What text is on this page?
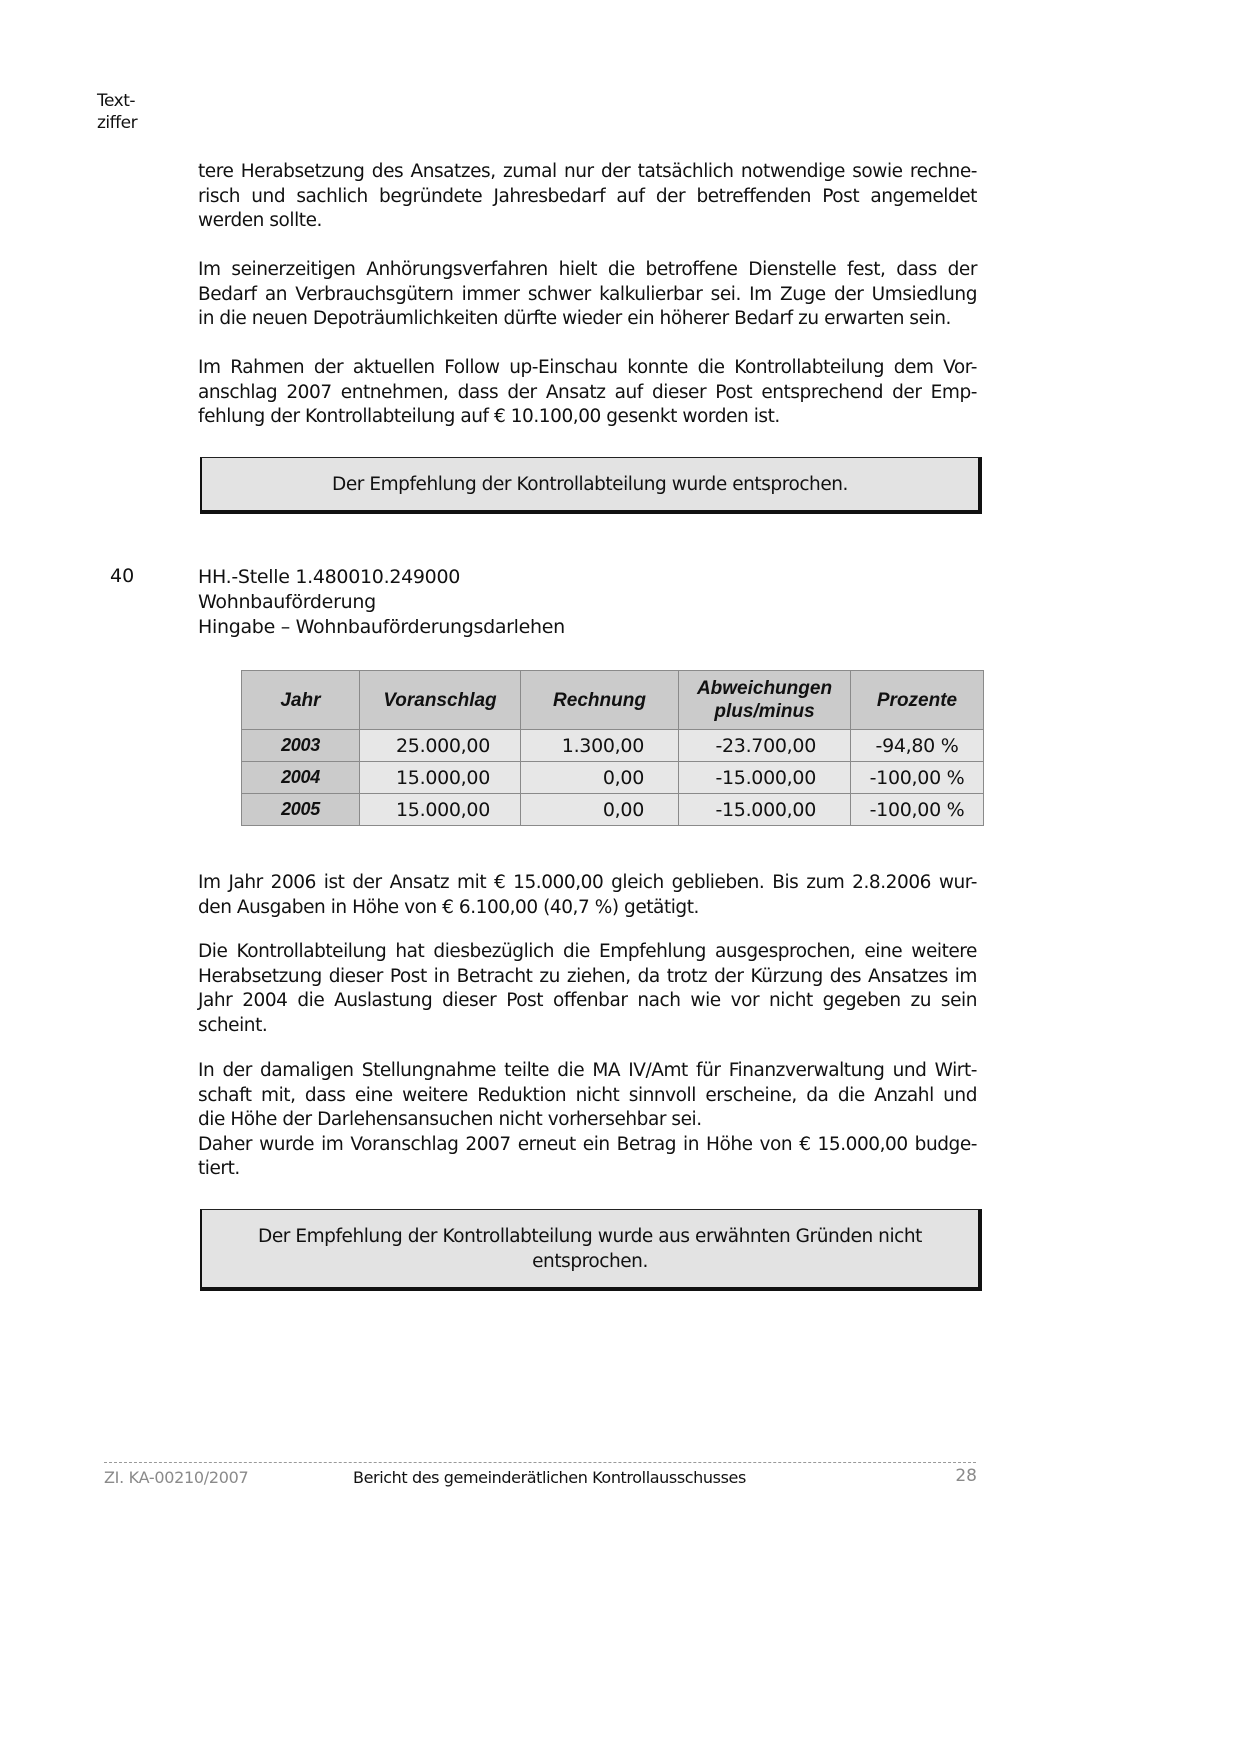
Text-
ziffer
tere Herabsetzung des Ansatzes, zumal nur der tatsächlich notwendige sowie rechne-
risch und sachlich begründete Jahresbedarf auf der betreffenden Post angemeldet
werden sollte.
Im seinerzeitigen Anhörungsverfahren hielt die betroffene Dienstelle fest, dass der
Bedarf an Verbrauchsgütern immer schwer kalkulierbar sei. Im Zuge der Umsiedlung
in die neuen Depoträumlichkeiten dürfte wieder ein höherer Bedarf zu erwarten sein.
Im Rahmen der aktuellen Follow up-Einschau konnte die Kontrollabteilung dem Vor-
anschlag 2007 entnehmen, dass der Ansatz auf dieser Post entsprechend der Emp-
fehlung der Kontrollabteilung auf € 10.100,00 gesenkt worden ist.
Der Empfehlung der Kontrollabteilung wurde entsprochen.
40	HH.-Stelle 1.480010.249000
Wohnbauförderung
Hingabe – Wohnbauförderungsdarlehen
Jahr	Voranschlag	Rechnung	Abweichungen
plus/minus	Prozente
2003	25.000,00	1.300,00	-23.700,00	-94,80 %
2004	15.000,00	0,00	-15.000,00	-100,00 %
2005	15.000,00	0,00	-15.000,00	-100,00 %
Im Jahr 2006 ist der Ansatz mit € 15.000,00 gleich geblieben. Bis zum 2.8.2006 wur-
den Ausgaben in Höhe von € 6.100,00 (40,7 %) getätigt.
Die Kontrollabteilung hat diesbezüglich die Empfehlung ausgesprochen, eine weitere
Herabsetzung dieser Post in Betracht zu ziehen, da trotz der Kürzung des Ansatzes im
Jahr 2004 die Auslastung dieser Post offenbar nach wie vor nicht gegeben zu sein
scheint.
In der damaligen Stellungnahme teilte die MA IV/Amt für Finanzverwaltung und Wirt-
schaft mit, dass eine weitere Reduktion nicht sinnvoll erscheine, da die Anzahl und
die Höhe der Darlehensansuchen nicht vorhersehbar sei.
Daher wurde im Voranschlag 2007 erneut ein Betrag in Höhe von € 15.000,00 budge-
tiert.
Der Empfehlung der Kontrollabteilung wurde aus erwähnten Gründen nicht
entsprochen.
ZI. KA-00210/2007	Bericht des gemeinderätlichen Kontrollausschusses	28
